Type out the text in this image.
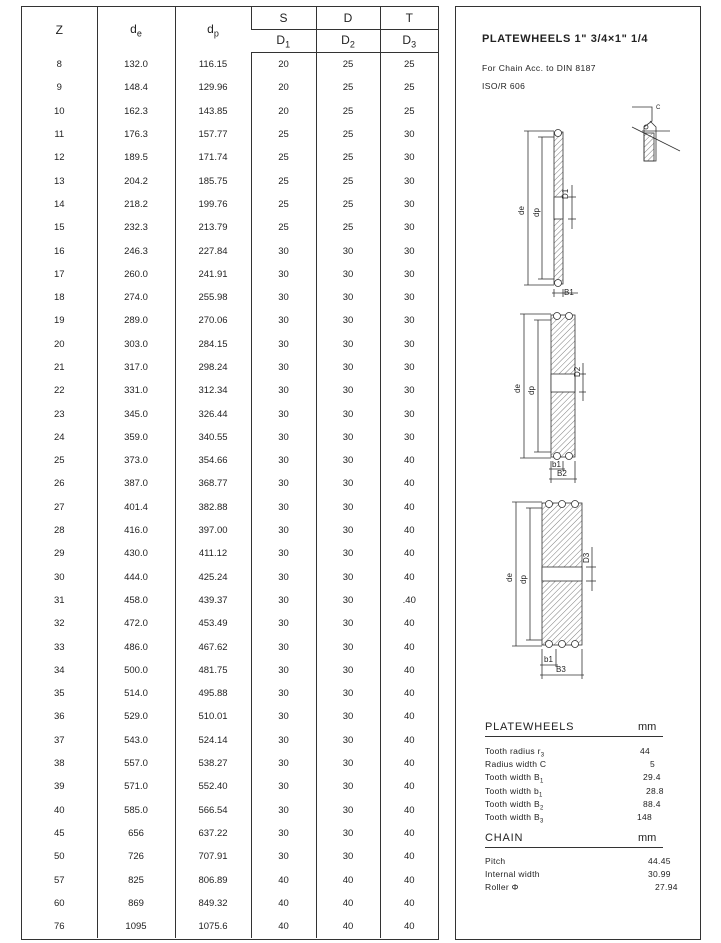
Z	$d_e$	$d_p$	S	D	T
			$D_1$	$D_2$	$D_3$
8	132.0	116.15	20	25	25
9	148.4	129.96	20	25	25
10	162.3	143.85	20	25	25
11	176.3	157.77	25	25	30
12	189.5	171.74	25	25	30
13	204.2	185.75	25	25	30
14	218.2	199.76	25	25	30
15	232.3	213.79	25	25	30
16	246.3	227.84	30	30	30
17	260.0	241.91	30	30	30
18	274.0	255.98	30	30	30
19	289.0	270.06	30	30	30
20	303.0	284.15	30	30	30
21	317.0	298.24	30	30	30
22	331.0	312.34	30	30	30
23	345.0	326.44	30	30	30
24	359.0	340.55	30	30	30
25	373.0	354.66	30	30	40
26	387.0	368.77	30	30	40
27	401.4	382.88	30	30	40
28	416.0	397.00	30	30	40
29	430.0	411.12	30	30	40
30	444.0	425.24	30	30	40
31	458.0	439.37	30	30	.40
32	472.0	453.49	30	30	40
33	486.0	467.62	30	30	40
34	500.0	481.75	30	30	40
35	514.0	495.88	30	30	40
36	529.0	510.01	30	30	40
37	543.0	524.14	30	30	40
38	557.0	538.27	30	30	40
39	571.0	552.40	30	30	40
40	585.0	566.54	30	30	40
45	656	637.22	30	30	40
50	726	707.91	30	30	40
57	825	806.89	40	40	40
60	869	849.32	40	40	40
76	1095	1075.6	40	40	40
PLATEWHEELS 1" 3/4×1" 1/4
For Chain Acc. to DIN 8187
ISO/R 606
C
de dp
D1
B1
de dp
D2
b1
B2
de dp
D3
b1
B3
PLATEWHEELS	mm
Tooth radius $r_3$	44
Radius width C	5
Tooth width $B_1$	29.4
Tooth width $b_1$	28.8
Tooth width $B_2$	88.4
Tooth width $B_3$	148
CHAIN	mm
Pitch	44.45
Internal width	30.99
Roller Φ	27.94
